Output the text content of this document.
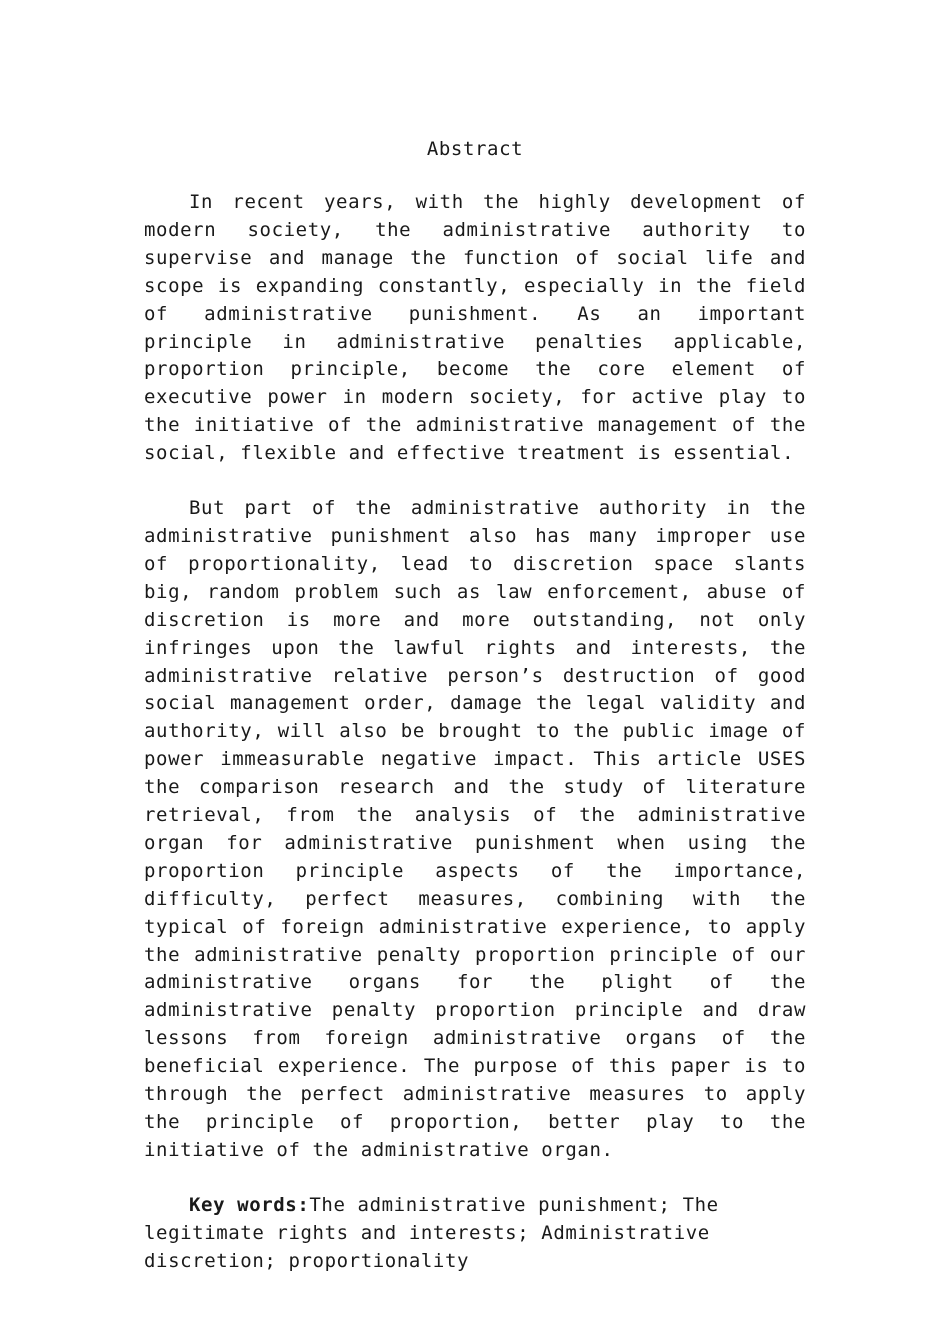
Abstract

In recent years, with the highly development of modern society, the administrative authority to supervise and manage the function of social life and scope is expanding constantly, especially in the field of administrative punishment. As an important principle in administrative penalties applicable, proportion principle, become the core element of executive power in modern society, for active play to the initiative of the administrative management of the social, flexible and effective treatment is essential.

But part of the administrative authority in the administrative punishment also has many improper use of proportionality, lead to discretion space slants big, random problem such as law enforcement, abuse of discretion is more and more outstanding, not only infringes upon the lawful rights and interests, the administrative relative person’s destruction of good social management order, damage the legal validity and authority, will also be brought to the public image of power immeasurable negative impact. This article USES the comparison research and the study of literature retrieval, from the analysis of the administrative organ for administrative punishment when using the proportion principle aspects of the importance, difficulty, perfect measures, combining with the typical of foreign administrative experience, to apply the administrative penalty proportion principle of our administrative organs for the plight of the administrative penalty proportion principle and draw lessons from foreign administrative organs of the beneficial experience. The purpose of this paper is to through the perfect administrative measures to apply the principle of proportion, better play to the initiative of the administrative organ.

Key words:The administrative punishment; The legitimate rights and interests; Administrative discretion; proportionality
